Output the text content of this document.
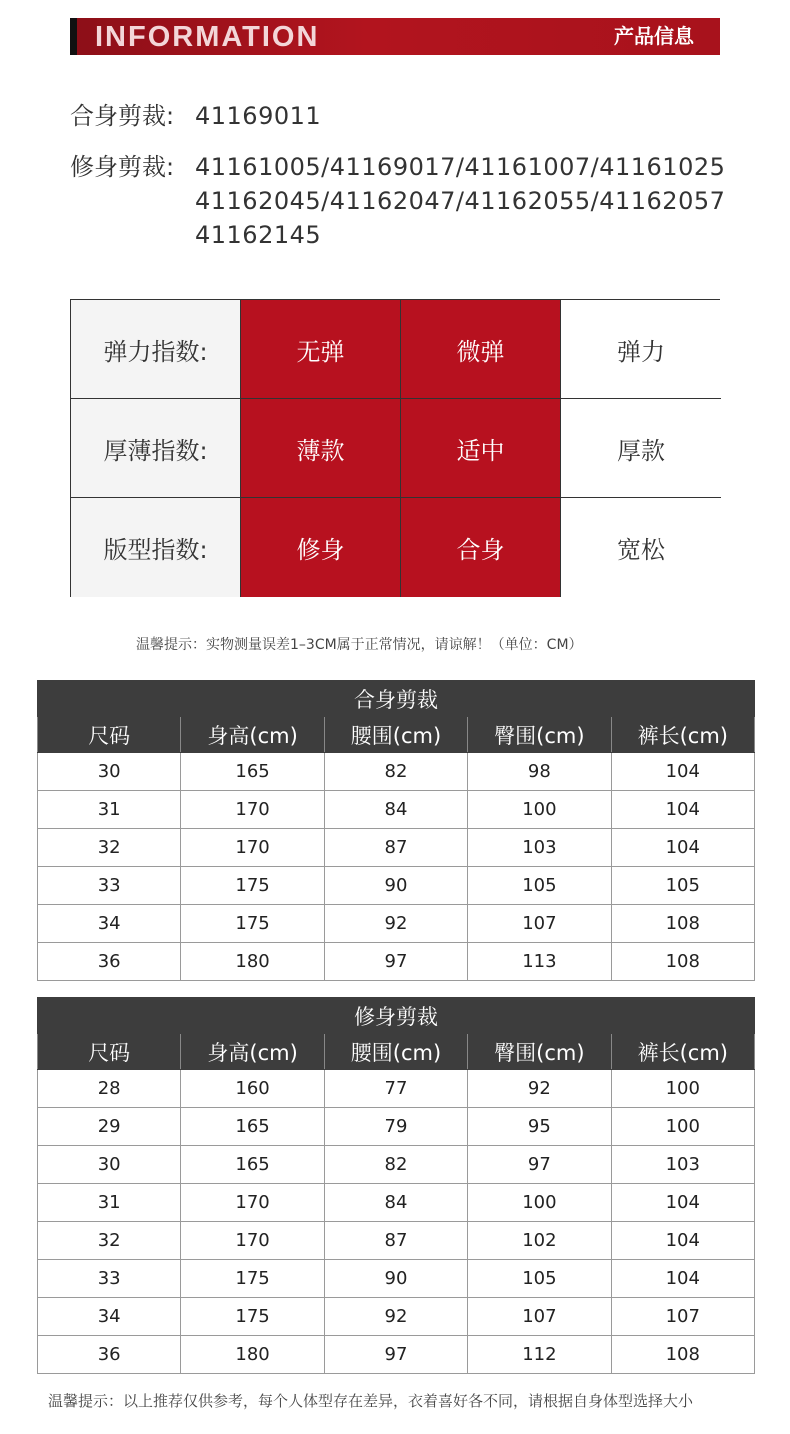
INFORMATION	产品信息
合身剪裁: 41169011
修身剪裁: 41161005/41169017/41161007/41161025
41162045/41162047/41162055/41162057
41162145
弹力指数:	无弹	微弹	弹力
厚薄指数:	薄款	适中	厚款
版型指数:	修身	合身	宽松
温馨提示：实物测量误差1–3CM属于正常情况，请谅解！（单位：CM）
合身剪裁				
尺码	身高(cm)	腰围(cm)	臀围(cm)	裤长(cm)
30	165	82	98	104
31	170	84	100	104
32	170	87	103	104
33	175	90	105	105
34	175	92	107	108
36	180	97	113	108
修身剪裁				
尺码	身高(cm)	腰围(cm)	臀围(cm)	裤长(cm)
28	160	77	92	100
29	165	79	95	100
30	165	82	97	103
31	170	84	100	104
32	170	87	102	104
33	175	90	105	104
34	175	92	107	107
36	180	97	112	108
温馨提示：以上推荐仅供参考，每个人体型存在差异，衣着喜好各不同，请根据自身体型选择大小
